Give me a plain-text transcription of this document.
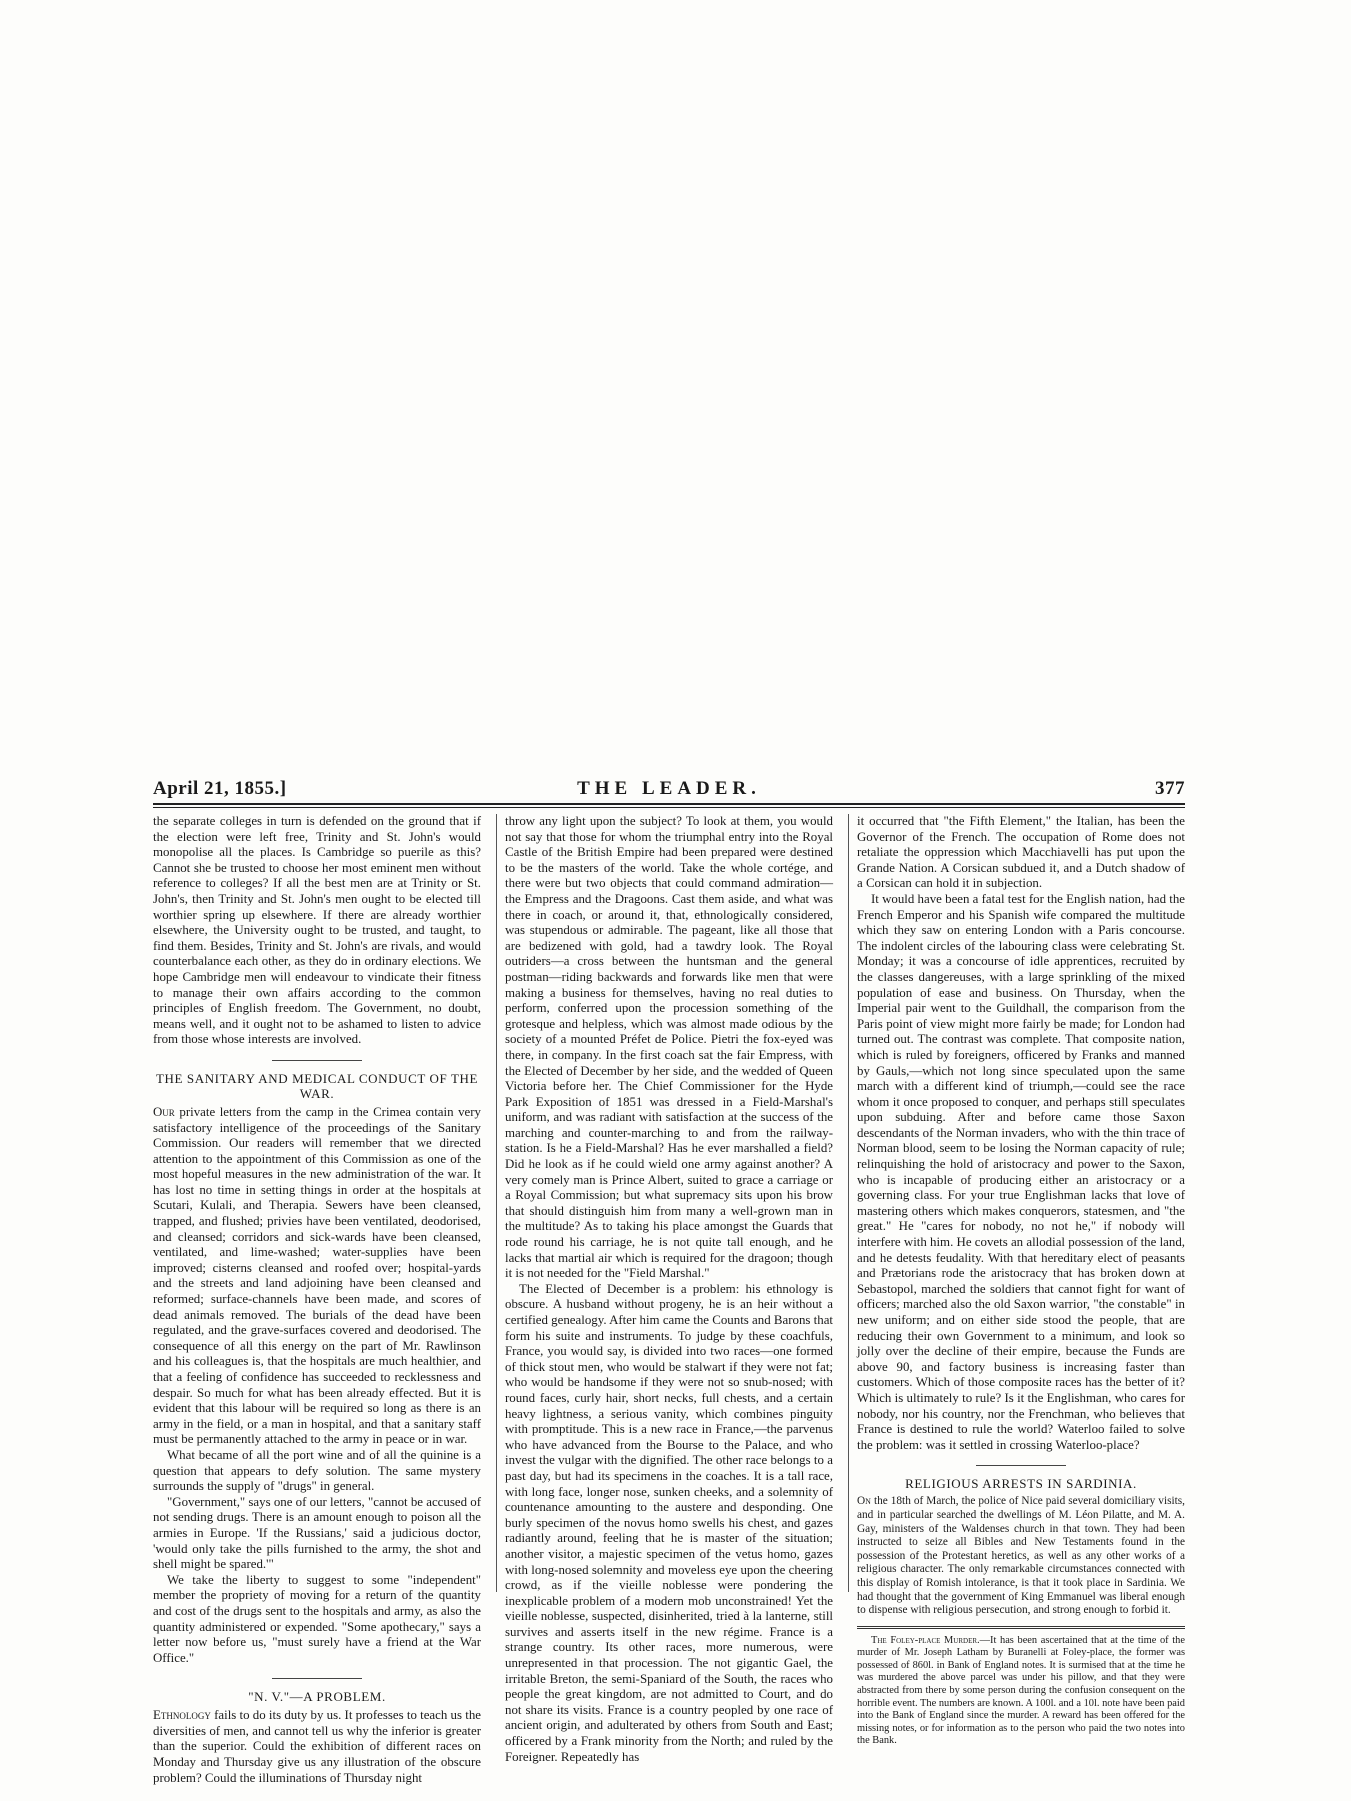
THE LEADER.
April 21, 1855.]	377

the separate colleges in turn is defended on the ground that if the election were left free, Trinity and St. John's would monopolise all the places. Is Cambridge so puerile as this? Cannot she be trusted to choose her most eminent men without reference to colleges? If all the best men are at Trinity or St. John's, then Trinity and St. John's men ought to be elected till worthier spring up elsewhere. If there are already worthier elsewhere, the University ought to be trusted, and taught, to find them. Besides, Trinity and St. John's are rivals, and would counterbalance each other, as they do in ordinary elections. We hope Cambridge men will endeavour to vindicate their fitness to manage their own affairs according to the common principles of English freedom. The Government, no doubt, means well, and it ought not to be ashamed to listen to advice from those whose interests are involved.

THE SANITARY AND MEDICAL CONDUCT OF THE WAR.

Our private letters from the camp in the Crimea contain very satisfactory intelligence of the proceedings of the Sanitary Commission. Our readers will remember that we directed attention to the appointment of this Commission as one of the most hopeful measures in the new administration of the war. It has lost no time in setting things in order at the hospitals at Scutari, Kulali, and Therapia. Sewers have been cleansed, trapped, and flushed; privies have been ventilated, deodorised, and cleansed; corridors and sick-wards have been cleansed, ventilated, and lime-washed; water-supplies have been improved; cisterns cleansed and roofed over; hospital-yards and the streets and land adjoining have been cleansed and reformed; surface-channels have been made, and scores of dead animals removed. The burials of the dead have been regulated, and the grave-surfaces covered and deodorised. The consequence of all this energy on the part of Mr. Rawlinson and his colleagues is, that the hospitals are much healthier, and that a feeling of confidence has succeeded to recklessness and despair. So much for what has been already effected. But it is evident that this labour will be required so long as there is an army in the field, or a man in hospital, and that a sanitary staff must be permanently attached to the army in peace or in war.

What became of all the port wine and of all the quinine is a question that appears to defy solution. The same mystery surrounds the supply of "drugs" in general.

"Government," says one of our letters, "cannot be accused of not sending drugs. There is an amount enough to poison all the armies in Europe. 'If the Russians,' said a judicious doctor, 'would only take the pills furnished to the army, the shot and shell might be spared.'"

We take the liberty to suggest to some "independent" member the propriety of moving for a return of the quantity and cost of the drugs sent to the hospitals and army, as also the quantity administered or expended. "Some apothecary," says a letter now before us, "must surely have a friend at the War Office."

"N. V."—A PROBLEM.

Ethnology fails to do its duty by us. It professes to teach us the diversities of men, and cannot tell us why the inferior is greater than the superior. Could the exhibition of different races on Monday and Thursday give us any illustration of the obscure problem? Could the illuminations of Thursday night

throw any light upon the subject? To look at them, you would not say that those for whom the triumphal entry into the Royal Castle of the British Empire had been prepared were destined to be the masters of the world. Take the whole cortége, and there were but two objects that could command admiration—the Empress and the Dragoons. Cast them aside, and what was there in coach, or around it, that, ethnologically considered, was stupendous or admirable. The pageant, like all those that are bedizened with gold, had a tawdry look. The Royal outriders—a cross between the huntsman and the general postman—riding backwards and forwards like men that were making a business for themselves, having no real duties to perform, conferred upon the procession something of the grotesque and helpless, which was almost made odious by the society of a mounted Préfet de Police. Pietri the fox-eyed was there, in company. In the first coach sat the fair Empress, with the Elected of December by her side, and the wedded of Queen Victoria before her. The Chief Commissioner for the Hyde Park Exposition of 1851 was dressed in a Field-Marshal's uniform, and was radiant with satisfaction at the success of the marching and counter-marching to and from the railway-station. Is he a Field-Marshal? Has he ever marshalled a field? Did he look as if he could wield one army against another? A very comely man is Prince Albert, suited to grace a carriage or a Royal Commission; but what supremacy sits upon his brow that should distinguish him from many a well-grown man in the multitude? As to taking his place amongst the Guards that rode round his carriage, he is not quite tall enough, and he lacks that martial air which is required for the dragoon; though it is not needed for the "Field Marshal."

The Elected of December is a problem: his ethnology is obscure. A husband without progeny, he is an heir without a certified genealogy. After him came the Counts and Barons that form his suite and instruments. To judge by these coachfuls, France, you would say, is divided into two races—one formed of thick stout men, who would be stalwart if they were not fat; who would be handsome if they were not so snub-nosed; with round faces, curly hair, short necks, full chests, and a certain heavy lightness, a serious vanity, which combines pinguity with promptitude. This is a new race in France,—the parvenus who have advanced from the Bourse to the Palace, and who invest the vulgar with the dignified. The other race belongs to a past day, but had its specimens in the coaches. It is a tall race, with long face, longer nose, sunken cheeks, and a solemnity of countenance amounting to the austere and desponding. One burly specimen of the novus homo swells his chest, and gazes radiantly around, feeling that he is master of the situation; another visitor, a majestic specimen of the vetus homo, gazes with long-nosed solemnity and moveless eye upon the cheering crowd, as if the vieille noblesse were pondering the inexplicable problem of a modern mob unconstrained! Yet the vieille noblesse, suspected, disinherited, tried à la lanterne, still survives and asserts itself in the new régime. France is a strange country. Its other races, more numerous, were unrepresented in that procession. The not gigantic Gael, the irritable Breton, the semi-Spaniard of the South, the races who people the great kingdom, are not admitted to Court, and do not share its visits. France is a country peopled by one race of ancient origin, and adulterated by others from South and East; officered by a Frank minority from the North; and ruled by the Foreigner. Repeatedly has

it occurred that "the Fifth Element," the Italian, has been the Governor of the French. The occupation of Rome does not retaliate the oppression which Macchiavelli has put upon the Grande Nation. A Corsican subdued it, and a Dutch shadow of a Corsican can hold it in subjection.

It would have been a fatal test for the English nation, had the French Emperor and his Spanish wife compared the multitude which they saw on entering London with a Paris concourse. The indolent circles of the labouring class were celebrating St. Monday; it was a concourse of idle apprentices, recruited by the classes dangereuses, with a large sprinkling of the mixed population of ease and business. On Thursday, when the Imperial pair went to the Guildhall, the comparison from the Paris point of view might more fairly be made; for London had turned out. The contrast was complete. That composite nation, which is ruled by foreigners, officered by Franks and manned by Gauls,—which not long since speculated upon the same march with a different kind of triumph,—could see the race whom it once proposed to conquer, and perhaps still speculates upon subduing. After and before came those Saxon descendants of the Norman invaders, who with the thin trace of Norman blood, seem to be losing the Norman capacity of rule; relinquishing the hold of aristocracy and power to the Saxon, who is incapable of producing either an aristocracy or a governing class. For your true Englishman lacks that love of mastering others which makes conquerors, statesmen, and "the great." He "cares for nobody, no not he," if nobody will interfere with him. He covets an allodial possession of the land, and he detests feudality. With that hereditary elect of peasants and Prætorians rode the aristocracy that has broken down at Sebastopol, marched the soldiers that cannot fight for want of officers; marched also the old Saxon warrior, "the constable" in new uniform; and on either side stood the people, that are reducing their own Government to a minimum, and look so jolly over the decline of their empire, because the Funds are above 90, and factory business is increasing faster than customers. Which of those composite races has the better of it? Which is ultimately to rule? Is it the Englishman, who cares for nobody, nor his country, nor the Frenchman, who believes that France is destined to rule the world? Waterloo failed to solve the problem: was it settled in crossing Waterloo-place?

RELIGIOUS ARRESTS IN SARDINIA.

On the 18th of March, the police of Nice paid several domiciliary visits, and in particular searched the dwellings of M. Léon Pilatte, and M. A. Gay, ministers of the Waldenses church in that town. They had been instructed to seize all Bibles and New Testaments found in the possession of the Protestant heretics, as well as any other works of a religious character. The only remarkable circumstances connected with this display of Romish intolerance, is that it took place in Sardinia. We had thought that the government of King Emmanuel was liberal enough to dispense with religious persecution, and strong enough to forbid it.

The Foley-place Murder.—It has been ascertained that at the time of the murder of Mr. Joseph Latham by Buranelli at Foley-place, the former was possessed of 860l. in Bank of England notes. It is surmised that at the time he was murdered the above parcel was under his pillow, and that they were abstracted from there by some person during the confusion consequent on the horrible event. The numbers are known. A 100l. and a 10l. note have been paid into the Bank of England since the murder. A reward has been offered for the missing notes, or for information as to the person who paid the two notes into the Bank.
